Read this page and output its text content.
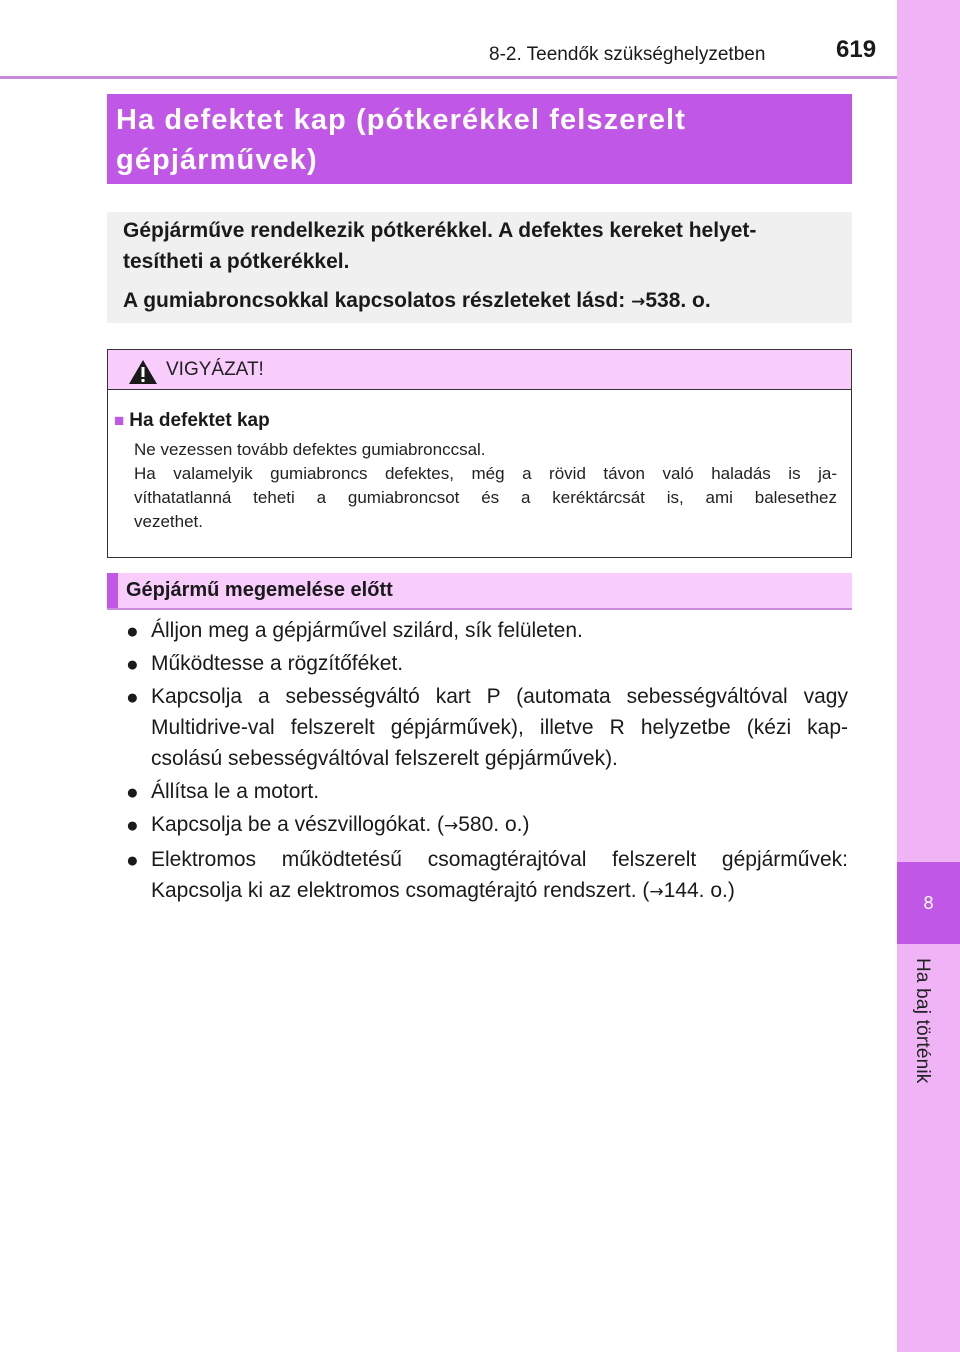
8
Ha baj történik
8-2. Teendők szükséghelyzetben	619
Ha defektet kap (pótkerékkel felszerelt
gépjárművek)

Gépjárműve rendelkezik pótkerékkel. A defektes kereket helyet-
tesítheti a pótkerékkel.

A gumiabroncsokkal kapcsolatos részleteket lásd: →538. o.

VIGYÁZAT!
■ Ha defektet kap
Ne vezessen tovább defektes gumiabronccsal.
Ha valamelyik gumiabroncs defektes, még a rövid távon való haladás is ja-
víthatatlanná teheti a gumiabroncsot és a keréktárcsát is, ami balesethez
vezethet.
Gépjármű megemelése előtt
● Álljon meg a gépjárművel szilárd, sík felületen.
● Működtesse a rögzítőféket.
● Kapcsolja a sebességváltó kart P (automata sebességváltóval vagy
Multidrive-val felszerelt gépjárművek), illetve R helyzetbe (kézi kap-
csolású sebességváltóval felszerelt gépjárművek).
● Állítsa le a motort.
● Kapcsolja be a vészvillogókat. (→580. o.)
● Elektromos működtetésű csomagtérajtóval felszerelt gépjárművek:
Kapcsolja ki az elektromos csomagtérajtó rendszert. (→144. o.)
